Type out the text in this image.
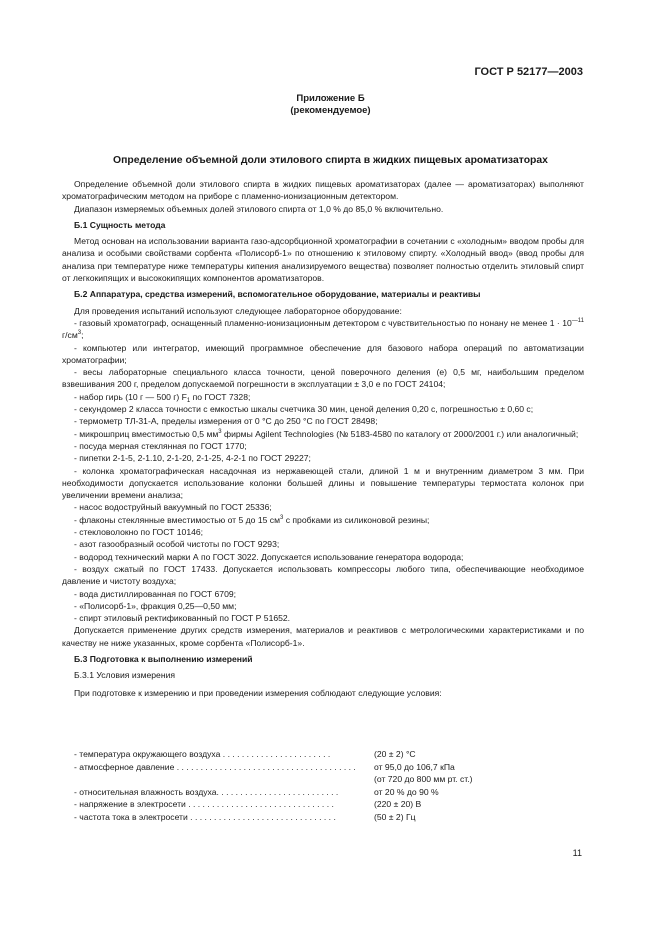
ГОСТ Р 52177—2003
Приложение Б
(рекомендуемое)
Определение объемной доли этилового спирта в жидких пищевых ароматизаторах

Определение объемной доли этилового спирта в жидких пищевых ароматизаторах (далее — ароматизаторах) выполняют хроматографическим методом на приборе с пламенно-ионизационным детектором.

Диапазон измеряемых объемных долей этилового спирта от 1,0 % до 85,0 % включительно.

Б.1 Сущность метода

Метод основан на использовании варианта газо-адсорбционной хроматографии в сочетании с «холодным» вводом пробы для анализа и особыми свойствами сорбента «Полисорб-1» по отношению к этиловому спирту. «Холодный ввод» (ввод пробы для анализа при температуре ниже температуры кипения анализируемого вещества) позволяет полностью отделить этиловый спирт от легкокипящих и высококипящих компонентов ароматизаторов.

Б.2 Аппаратура, средства измерений, вспомогательное оборудование, материалы и реактивы

Для проведения испытаний используют следующее лабораторное оборудование:

- газовый хроматограф, оснащенный пламенно-ионизационным детектором с чувствительностью по нонану не менее $1 \cdot 10^{—11}$ $г/см^3$;

- компьютер или интегратор, имеющий программное обеспечение для базового набора операций по автоматизации хроматографии;

- весы лабораторные специального класса точности, ценой поверочного деления (е) 0,5 мг, наибольшим пределом взвешивания 200 г, пределом допускаемой погрешности в эксплуатации ± 3,0 е по ГОСТ 24104;

- набор гирь (10 г — 500 г) $F_1$ по ГОСТ 7328;

- секундомер 2 класса точности с емкостью шкалы счетчика 30 мин, ценой деления 0,20 с, погрешностью ± 0,60 с;

- термометр ТЛ-31-А, пределы измерения от 0 °С до 250 °С по ГОСТ 28498;

- микрошприц вместимостью 0,5 $мм^3$ фирмы Agilent Technologies (№ 5183-4580 по каталогу от 2000/2001 г.) или аналогичный;

- посуда мерная стеклянная по ГОСТ 1770;

- пипетки 2-1-5, 2-1.10, 2-1-20, 2-1-25, 4-2-1 по ГОСТ 29227;

- колонка хроматографическая насадочная из нержавеющей стали, длиной 1 м и внутренним диаметром 3 мм. При необходимости допускается использование колонки большей длины и повышение температуры термостата колонок при увеличении времени анализа;

- насос водоструйный вакуумный по ГОСТ 25336;

- флаконы стеклянные вместимостью от 5 до 15 $см^3$ с пробками из силиконовой резины;

- стекловолокно по ГОСТ 10146;

- азот газообразный особой чистоты по ГОСТ 9293;

- водород технический марки А по ГОСТ 3022. Допускается использование генератора водорода;

- воздух сжатый по ГОСТ 17433. Допускается использовать компрессоры любого типа, обеспечивающие необходимое давление и чистоту воздуха;

- вода дистиллированная по ГОСТ 6709;

- «Полисорб-1», фракция 0,25—0,50 мм;

- спирт этиловый ректификованный по ГОСТ Р 51652.

Допускается применение других средств измерения, материалов и реактивов с метрологическими характеристиками и по качеству не ниже указанных, кроме сорбента «Полисорб-1».

Б.3 Подготовка к выполнению измерений

Б.3.1 Условия измерения

При подготовке к измерению и при проведении измерения соблюдают следующие условия:

- температура окружающего воздуха . . . . . . . . . . . . . . . . . . . . . . .	(20 ± 2) °С
- атмосферное давление . . . . . . . . . . . . . . . . . . . . . . . . . . . . . . . . . . . . . .	от 95,0 до 106,7 кПа
(от 720 до 800 мм рт. ст.)
- относительная влажность воздуха. . . . . . . . . . . . . . . . . . . . . . . . . .	от 20 % до 90 %
- напряжение в электросети . . . . . . . . . . . . . . . . . . . . . . . . . . . . . . .	(220 ± 20) В
- частота тока в электросети . . . . . . . . . . . . . . . . . . . . . . . . . . . . . . .	(50 ± 2) Гц
11
